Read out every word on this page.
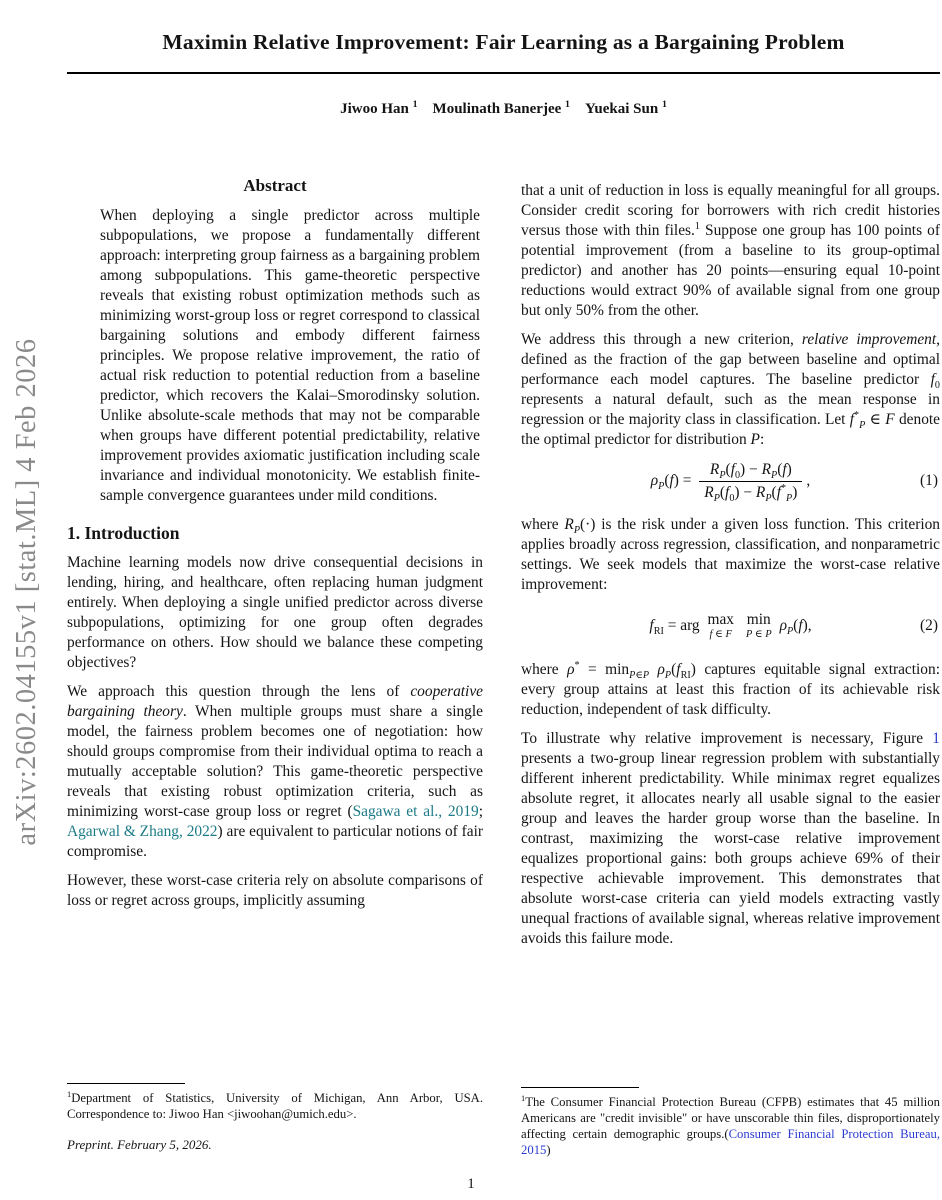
arXiv:2602.04155v1 [stat.ML] 4 Feb 2026
Maximin Relative Improvement: Fair Learning as a Bargaining Problem
Jiwoo Han $^1$  Moulinath Banerjee $^1$  Yuekai Sun $^1$
Abstract

When deploying a single predictor across multiple subpopulations, we propose a fundamentally different approach: interpreting group fairness as a bargaining problem among subpopulations. This game-theoretic perspective reveals that existing robust optimization methods such as minimizing worst-group loss or regret correspond to classical bargaining solutions and embody different fairness principles. We propose relative improvement, the ratio of actual risk reduction to potential reduction from a baseline predictor, which recovers the Kalai–Smorodinsky solution. Unlike absolute-scale methods that may not be comparable when groups have different potential predictability, relative improvement provides axiomatic justification including scale invariance and individual monotonicity. We establish finite-sample convergence guarantees under mild conditions.

1. Introduction

Machine learning models now drive consequential decisions in lending, hiring, and healthcare, often replacing human judgment entirely. When deploying a single unified predictor across diverse subpopulations, optimizing for one group often degrades performance on others. How should we balance these competing objectives?

We approach this question through the lens of cooperative bargaining theory. When multiple groups must share a single model, the fairness problem becomes one of negotiation: how should groups compromise from their individual optima to reach a mutually acceptable solution? This game-theoretic perspective reveals that existing robust optimization criteria, such as minimizing worst-case group loss or regret (Sagawa et al., 2019; Agarwal & Zhang, 2022) are equivalent to particular notions of fair compromise.

However, these worst-case criteria rely on absolute comparisons of loss or regret across groups, implicitly assuming

that a unit of reduction in loss is equally meaningful for all groups. Consider credit scoring for borrowers with rich credit histories versus those with thin files.$^1$ Suppose one group has 100 points of potential improvement (from a baseline to its group-optimal predictor) and another has 20 points—ensuring equal 10-point reductions would extract 90% of available signal from one group but only 50% from the other.

We address this through a new criterion, relative improvement, defined as the fraction of the gap between baseline and optimal performance each model captures. The baseline predictor $f_0$ represents a natural default, such as the mean response in regression or the majority class in classification. Let $f^*_P$ ∈ F denote the optimal predictor for distribution P:

$\rho_P(f) = \frac{R_P(f_0) - R_P(f)}{R_P(f_0) - R_P(f^*_P)}$ ,	(1)

where $R_P(\cdot)$ is the risk under a given loss function. This criterion applies broadly across regression, classification, and nonparametric settings. We seek models that maximize the worst-case relative improvement:

$f_{RI}$ = arg max
f ∈ F

min
P ∈ P
$\rho_P(f)$,	(2)

where $\rho^* = \min_{P\in P} \rho_P(f_{RI})$ captures equitable signal extraction: every group attains at least this fraction of its achievable risk reduction, independent of task difficulty.

To illustrate why relative improvement is necessary, Figure 1 presents a two-group linear regression problem with substantially different inherent predictability. While minimax regret equalizes absolute regret, it allocates nearly all usable signal to the easier group and leaves the harder group worse than the baseline. In contrast, maximizing the worst-case relative improvement equalizes proportional gains: both groups achieve 69% of their respective achievable improvement. This demonstrates that absolute worst-case criteria can yield models extracting vastly unequal fractions of available signal, whereas relative improvement avoids this failure mode.

$^1$Department of Statistics, University of Michigan, Ann Arbor, USA. Correspondence to: Jiwoo Han <jiwoohan@umich.edu>.

Preprint. February 5, 2026.

$^1$The Consumer Financial Protection Bureau (CFPB) estimates that 45 million Americans are "credit invisible" or have unscorable thin files, disproportionately affecting certain demographic groups.(Consumer Financial Protection Bureau, 2015)

1
